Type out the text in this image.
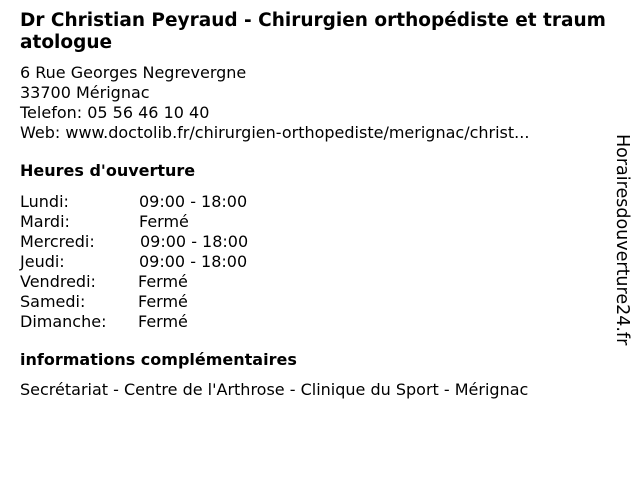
Dr Christian Peyraud - Chirurgien orthopédiste et traumatologue
6 Rue Georges Negrevergne
33700 Mérignac
Telefon: 05 56 46 10 40
Web: www.doctolib.fr/chirurgien-orthopediste/merignac/christ...
Heures d'ouverture
Lundi:	09:00 - 18:00
Mardi:	Fermé
Mercredi:	09:00 - 18:00
Jeudi:	09:00 - 18:00
Vendredi:	Fermé
Samedi:	Fermé
Dimanche:	Fermé
informations complémentaires
Secrétariat - Centre de l'Arthrose - Clinique du Sport - Mérignac
Horairesdouverture24.fr
